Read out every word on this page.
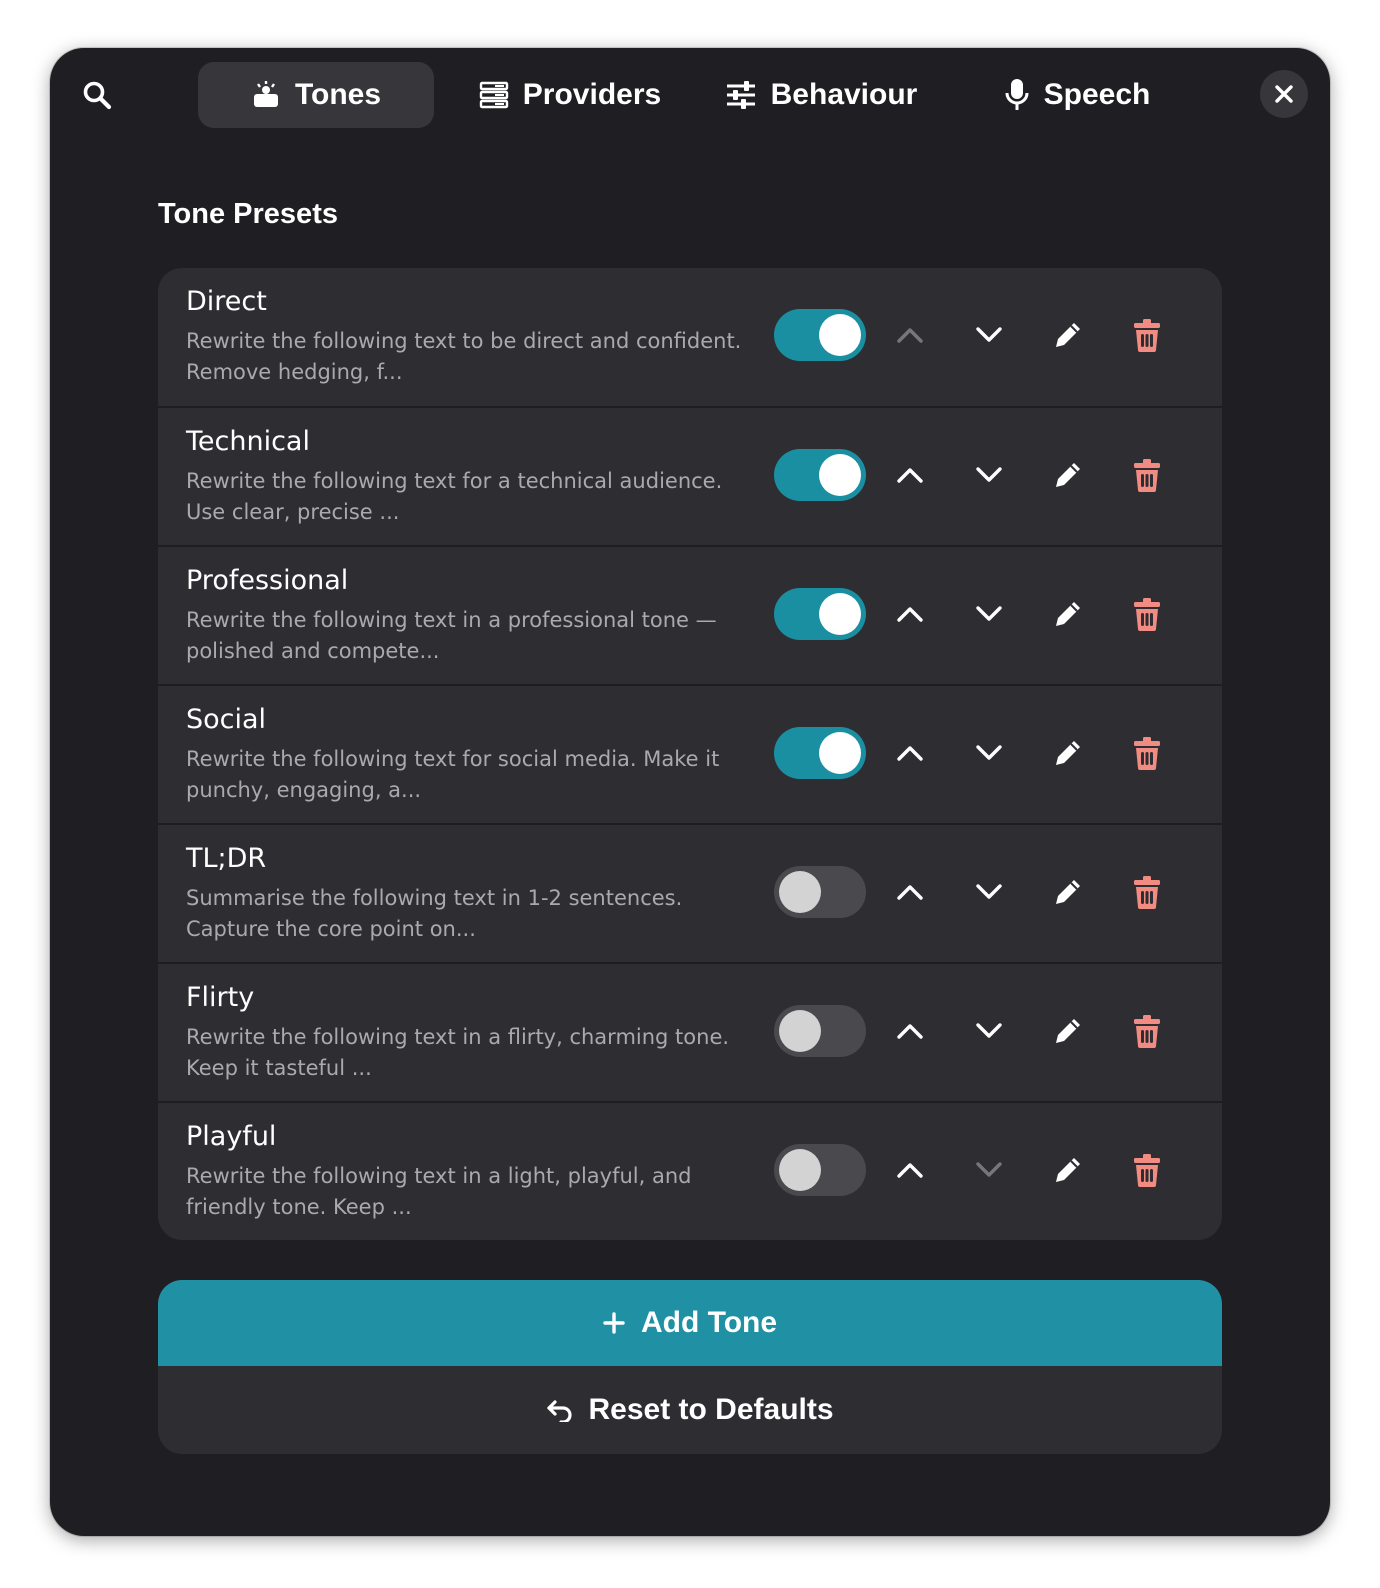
Tones	Providers	Behaviour	Speech
Tone Presets
Direct
Rewrite the following text to be direct and confident. Remove hedging, f...
Technical
Rewrite the following text for a technical audience. Use clear, precise ...
Professional
Rewrite the following text in a professional tone — polished and compete...
Social
Rewrite the following text for social media. Make it punchy, engaging, a...
TL;DR
Summarise the following text in 1-2 sentences. Capture the core point on...
Flirty
Rewrite the following text in a flirty, charming tone. Keep it tasteful ...
Playful
Rewrite the following text in a light, playful, and friendly tone. Keep ...
Add Tone
Reset to Defaults
